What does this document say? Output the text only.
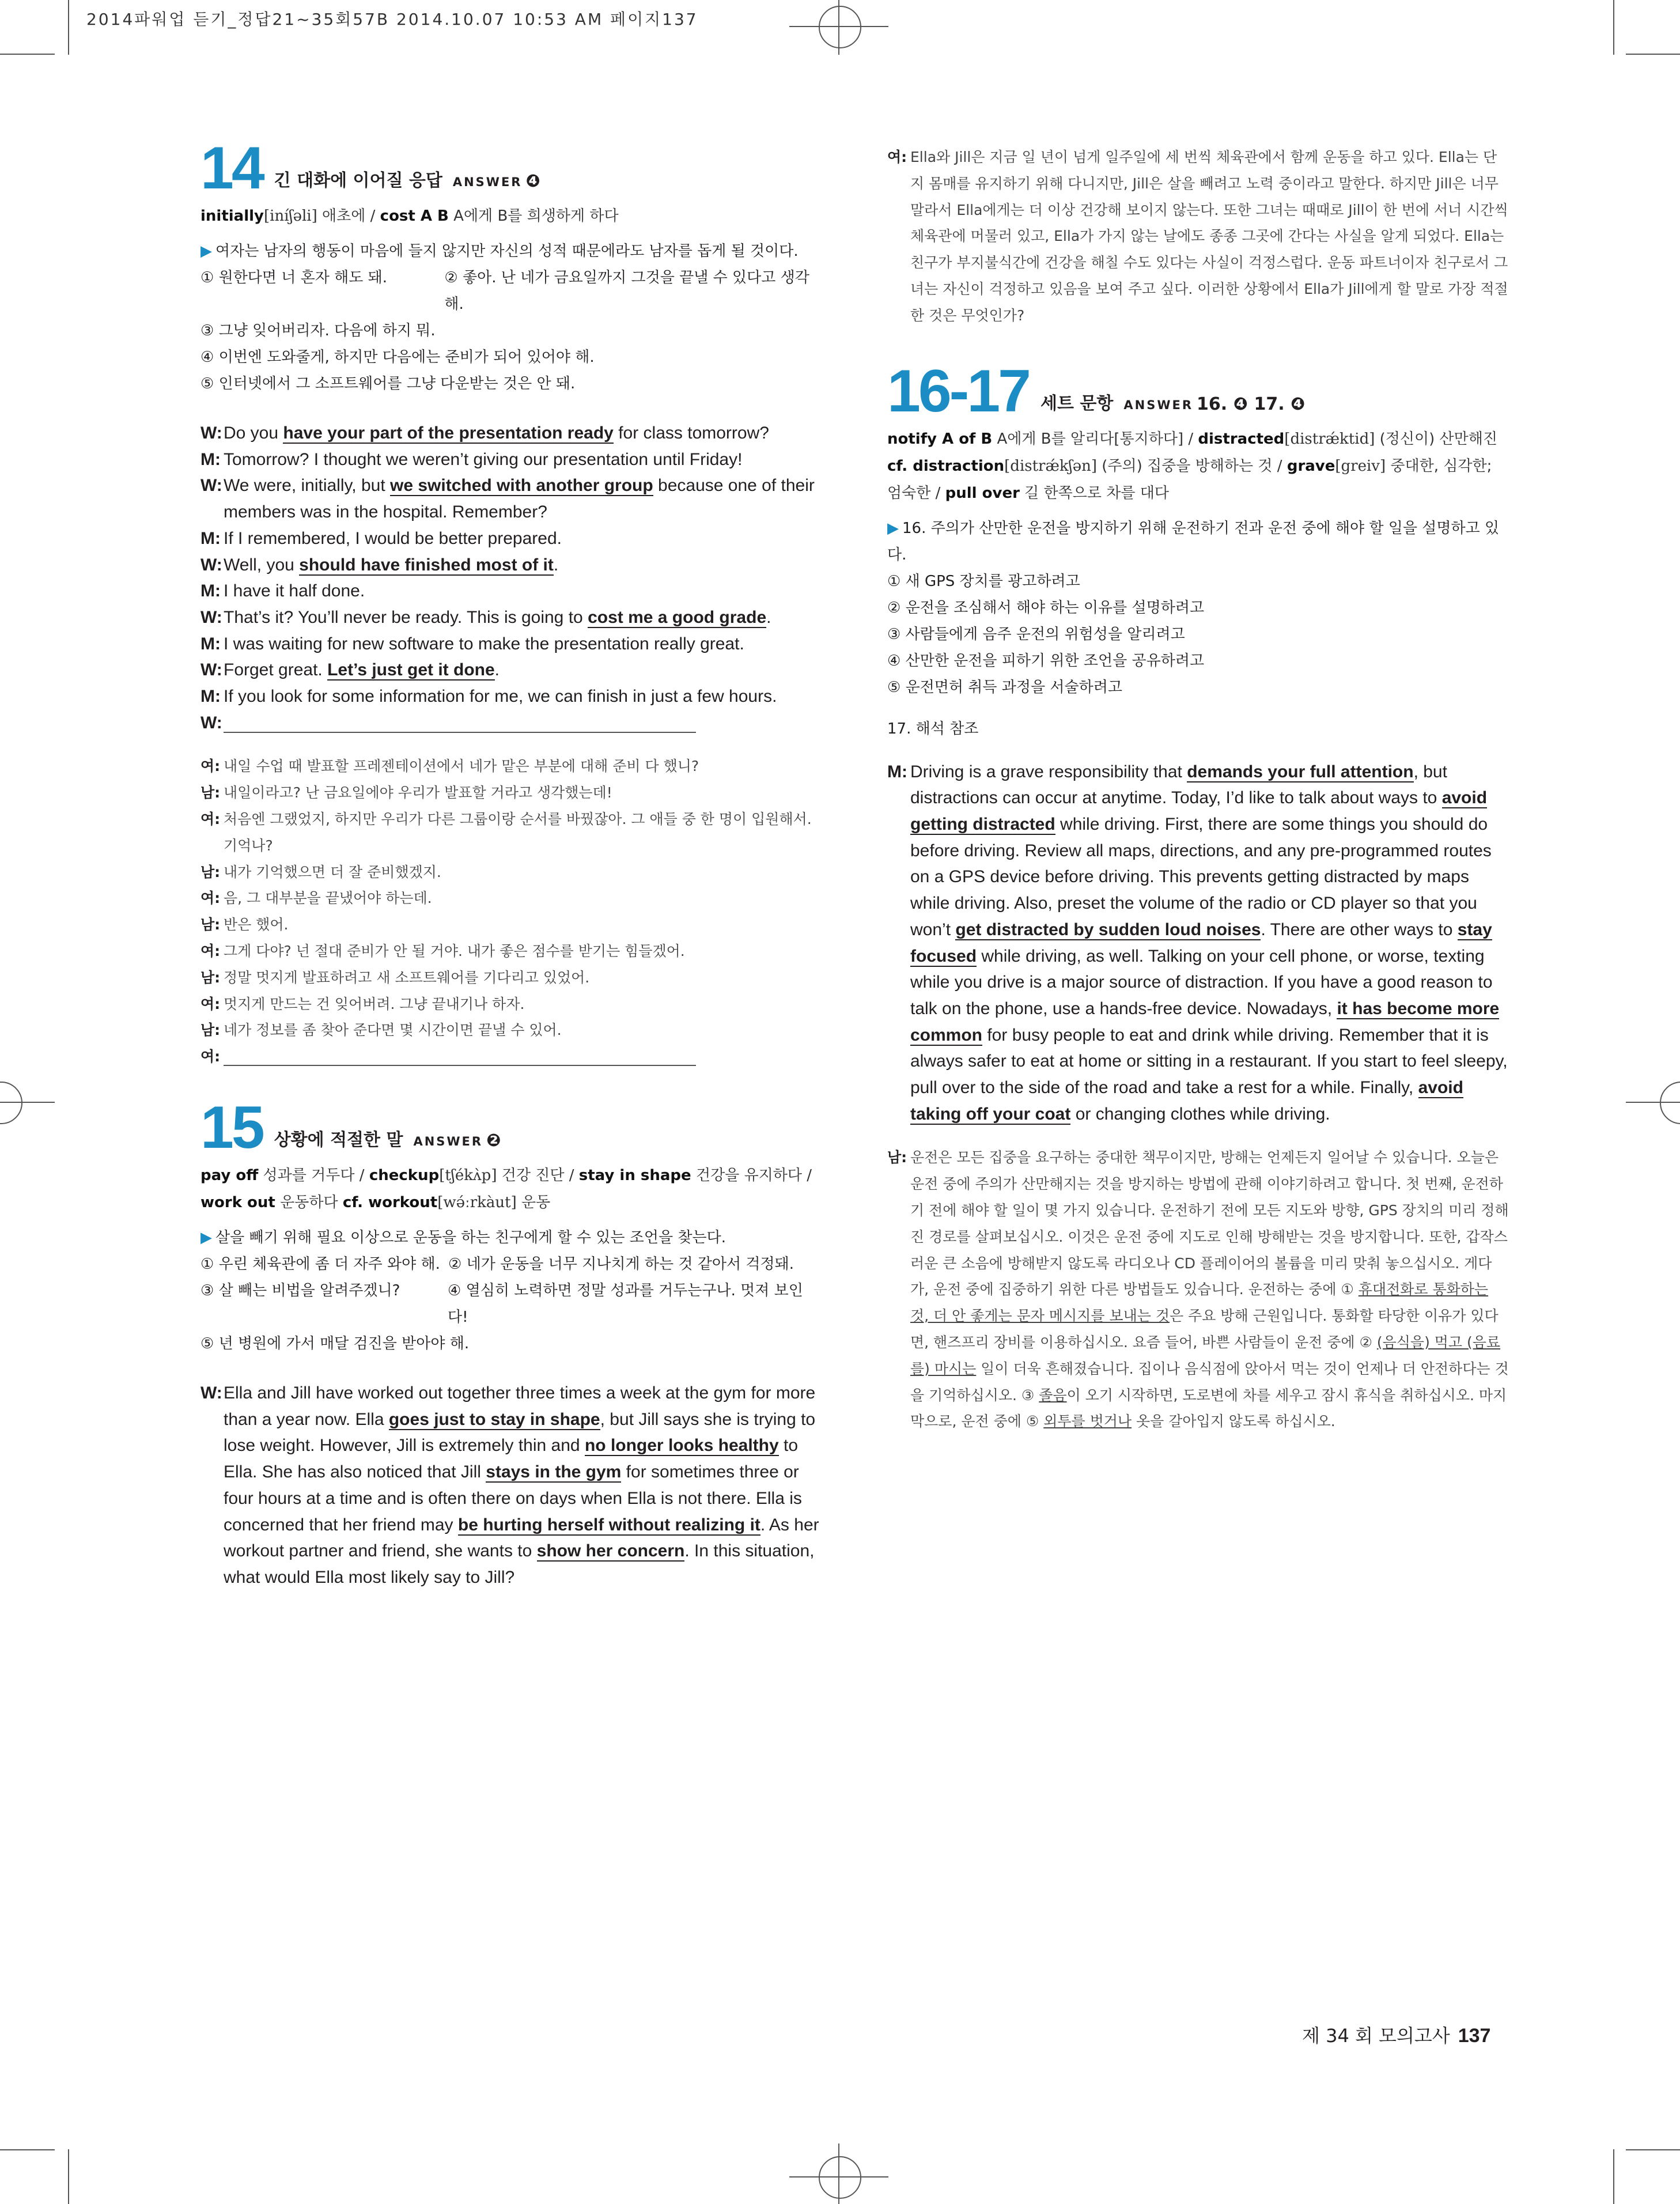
2014파워업 듣기_정답21~35회57B 2014.10.07 10:53 AM 페이지137
14 긴 대화에 이어질 응답 ANSWER ❹
initially[iníʃəli] 애초에 / cost A B A에게 B를 희생하게 하다
▶ 여자는 남자의 행동이 마음에 들지 않지만 자신의 성적 때문에라도 남자를 돕게 될 것이다.
① 원한다면 너 혼자 해도 돼.	② 좋아. 난 네가 금요일까지 그것을 끝낼 수 있다고 생각해.
③ 그냥 잊어버리자. 다음에 하지 뭐.
④ 이번엔 도와줄게, 하지만 다음에는 준비가 되어 있어야 해.
⑤ 인터넷에서 그 소프트웨어를 그냥 다운받는 것은 안 돼.
W: Do you have your part of the presentation ready for class tomorrow?
M: Tomorrow? I thought we weren’t giving our presentation until Friday!
W: We were, initially, but we switched with another group because one of their members was in the hospital. Remember?
M: If I remembered, I would be better prepared.
W: Well, you should have finished most of it.
M: I have it half done.
W: That’s it? You’ll never be ready. This is going to cost me a good grade.
M: I was waiting for new software to make the presentation really great.
W: Forget great. Let’s just get it done.
M: If you look for some information for me, we can finish in just a few hours.
W:
여: 내일 수업 때 발표할 프레젠테이션에서 네가 맡은 부분에 대해 준비 다 했니?
남: 내일이라고? 난 금요일에야 우리가 발표할 거라고 생각했는데!
여: 처음엔 그랬었지, 하지만 우리가 다른 그룹이랑 순서를 바꿨잖아. 그 애들 중 한 명이 입원해서. 기억나?
남: 내가 기억했으면 더 잘 준비했겠지.
여: 음, 그 대부분을 끝냈어야 하는데.
남: 반은 했어.
여: 그게 다야? 넌 절대 준비가 안 될 거야. 내가 좋은 점수를 받기는 힘들겠어.
남: 정말 멋지게 발표하려고 새 소프트웨어를 기다리고 있었어.
여: 멋지게 만드는 건 잊어버려. 그냥 끝내기나 하자.
남: 네가 정보를 좀 찾아 준다면 몇 시간이면 끝낼 수 있어.
여:
15 상황에 적절한 말 ANSWER ❷
pay off 성과를 거두다 / checkup[tʃékʌ̀p] 건강 진단 / stay in shape 건강을 유지하다 / work out 운동하다 cf. workout[wə́ːrkàut] 운동
▶ 살을 빼기 위해 필요 이상으로 운동을 하는 친구에게 할 수 있는 조언을 찾는다.
① 우린 체육관에 좀 더 자주 와야 해. ② 네가 운동을 너무 지나치게 하는 것 같아서 걱정돼.
③ 살 빼는 비법을 알려주겠니?	④ 열심히 노력하면 정말 성과를 거두는구나. 멋져 보인다!
⑤ 년 병원에 가서 매달 검진을 받아야 해.
W: Ella and Jill have worked out together three times a week at the gym for more than a year now. Ella goes just to stay in shape, but Jill says she is trying to lose weight. However, Jill is extremely thin and no longer looks healthy to Ella. She has also noticed that Jill stays in the gym for sometimes three or four hours at a time and is often there on days when Ella is not there. Ella is concerned that her friend may be hurting herself without realizing it. As her workout partner and friend, she wants to show her concern. In this situation, what would Ella most likely say to Jill?
여: Ella와 Jill은 지금 일 년이 넘게 일주일에 세 번씩 체육관에서 함께 운동을 하고 있다. Ella는 단지 몸매를 유지하기 위해 다니지만, Jill은 살을 빼려고 노력 중이라고 말한다. 하지만 Jill은 너무 말라서 Ella에게는 더 이상 건강해 보이지 않는다. 또한 그녀는 때때로 Jill이 한 번에 서너 시간씩 체육관에 머물러 있고, Ella가 가지 않는 날에도 종종 그곳에 간다는 사실을 알게 되었다. Ella는 친구가 부지불식간에 건강을 해칠 수도 있다는 사실이 걱정스럽다. 운동 파트너이자 친구로서 그녀는 자신이 걱정하고 있음을 보여 주고 싶다. 이러한 상황에서 Ella가 Jill에게 할 말로 가장 적절한 것은 무엇인가?
16-17 세트 문항 ANSWER 16. ❹ 17. ❹
notify A of B A에게 B를 알리다[통지하다] / distracted[distrǽktid] (정신이) 산만해진 cf. distraction[distrǽkʃən] (주의) 집중을 방해하는 것 / grave[greiv] 중대한, 심각한; 엄숙한 / pull over 길 한쪽으로 차를 대다
▶ 16. 주의가 산만한 운전을 방지하기 위해 운전하기 전과 운전 중에 해야 할 일을 설명하고 있다.
① 새 GPS 장치를 광고하려고
② 운전을 조심해서 해야 하는 이유를 설명하려고
③ 사람들에게 음주 운전의 위험성을 알리려고
④ 산만한 운전을 피하기 위한 조언을 공유하려고
⑤ 운전면허 취득 과정을 서술하려고
17. 해석 참조
M: Driving is a grave responsibility that demands your full attention, but distractions can occur at anytime. Today, I’d like to talk about ways to avoid getting distracted while driving. First, there are some things you should do before driving. Review all maps, directions, and any pre-programmed routes on a GPS device before driving. This prevents getting distracted by maps while driving. Also, preset the volume of the radio or CD player so that you won’t get distracted by sudden loud noises. There are other ways to stay focused while driving, as well. Talking on your cell phone, or worse, texting while you drive is a major source of distraction. If you have a good reason to talk on the phone, use a hands-free device. Nowadays, it has become more common for busy people to eat and drink while driving. Remember that it is always safer to eat at home or sitting in a restaurant. If you start to feel sleepy, pull over to the side of the road and take a rest for a while. Finally, avoid taking off your coat or changing clothes while driving.
남: 운전은 모든 집중을 요구하는 중대한 책무이지만, 방해는 언제든지 일어날 수 있습니다. 오늘은 운전 중에 주의가 산만해지는 것을 방지하는 방법에 관해 이야기하려고 합니다. 첫 번째, 운전하기 전에 해야 할 일이 몇 가지 있습니다. 운전하기 전에 모든 지도와 방향, GPS 장치의 미리 정해진 경로를 살펴보십시오. 이것은 운전 중에 지도로 인해 방해받는 것을 방지합니다. 또한, 갑작스러운 큰 소음에 방해받지 않도록 라디오나 CD 플레이어의 볼륨을 미리 맞춰 놓으십시오. 게다가, 운전 중에 집중하기 위한 다른 방법들도 있습니다. 운전하는 중에 ① 휴대전화로 통화하는 것, 더 안 좋게는 문자 메시지를 보내는 것은 주요 방해 근원입니다. 통화할 타당한 이유가 있다면, 핸즈프리 장비를 이용하십시오. 요즘 들어, 바쁜 사람들이 운전 중에 ② (음식을) 먹고 (음료를) 마시는 일이 더욱 흔해졌습니다. 집이나 음식점에 앉아서 먹는 것이 언제나 더 안전하다는 것을 기억하십시오. ③ 졸음이 오기 시작하면, 도로변에 차를 세우고 잠시 휴식을 취하십시오. 마지막으로, 운전 중에 ⑤ 외투를 벗거나 옷을 갈아입지 않도록 하십시오.
제 34 회 모의고사 137
